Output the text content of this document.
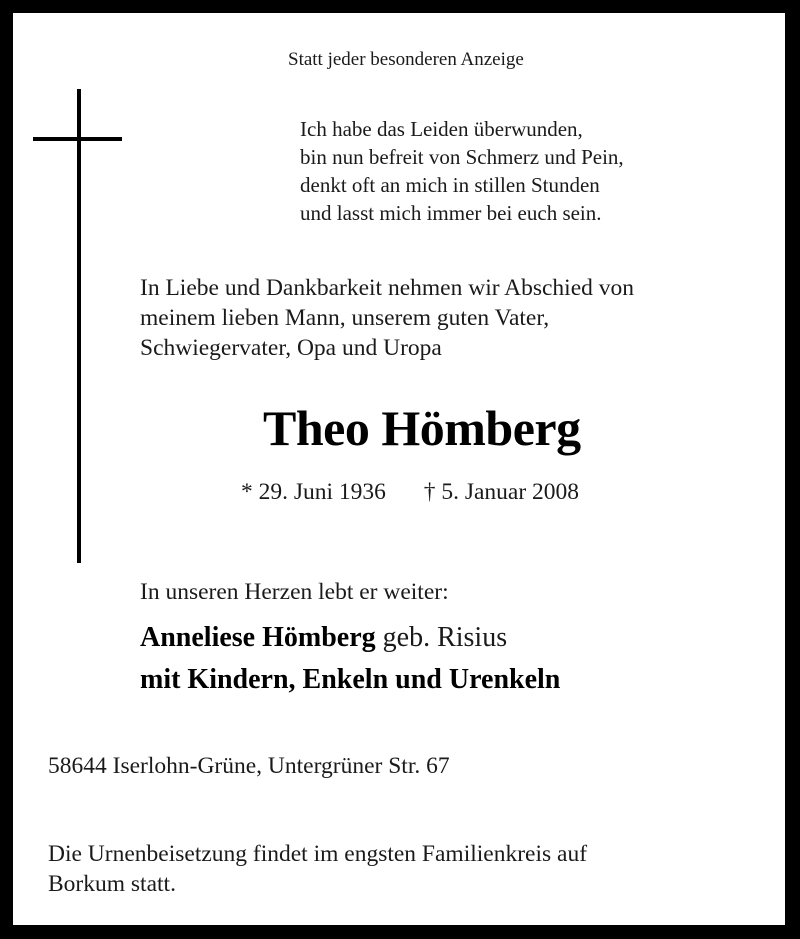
Statt jeder besonderen Anzeige
Ich habe das Leiden überwunden,
bin nun befreit von Schmerz und Pein,
denkt oft an mich in stillen Stunden
und lasst mich immer bei euch sein.
In Liebe und Dankbarkeit nehmen wir Abschied von
meinem lieben Mann, unserem guten Vater,
Schwiegervater, Opa und Uropa
Theo Hömberg
* 29. Juni 1936 † 5. Januar 2008
In unseren Herzen lebt er weiter:
Anneliese Hömberg geb. Risius
mit Kindern, Enkeln und Urenkeln
58644 Iserlohn-Grüne, Untergrüner Str. 67
Die Urnenbeisetzung findet im engsten Familienkreis auf
Borkum statt.
